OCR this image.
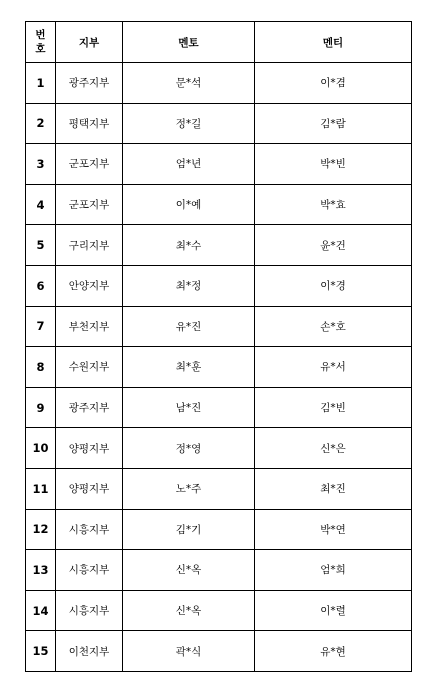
번
호	지부	멘토	멘티
1	광주지부	문*석	이*겸
2	평택지부	정*길	김*람
3	군포지부	엄*년	박*빈
4	군포지부	이*예	박*효
5	구리지부	최*수	윤*건
6	안양지부	최*정	이*경
7	부천지부	유*진	손*호
8	수원지부	최*훈	유*서
9	광주지부	남*진	김*빈
10	양평지부	정*영	신*은
11	양평지부	노*주	최*진
12	시흥지부	김*기	박*연
13	시흥지부	신*옥	엄*희
14	시흥지부	신*옥	이*렬
15	이천지부	곽*식	유*현
